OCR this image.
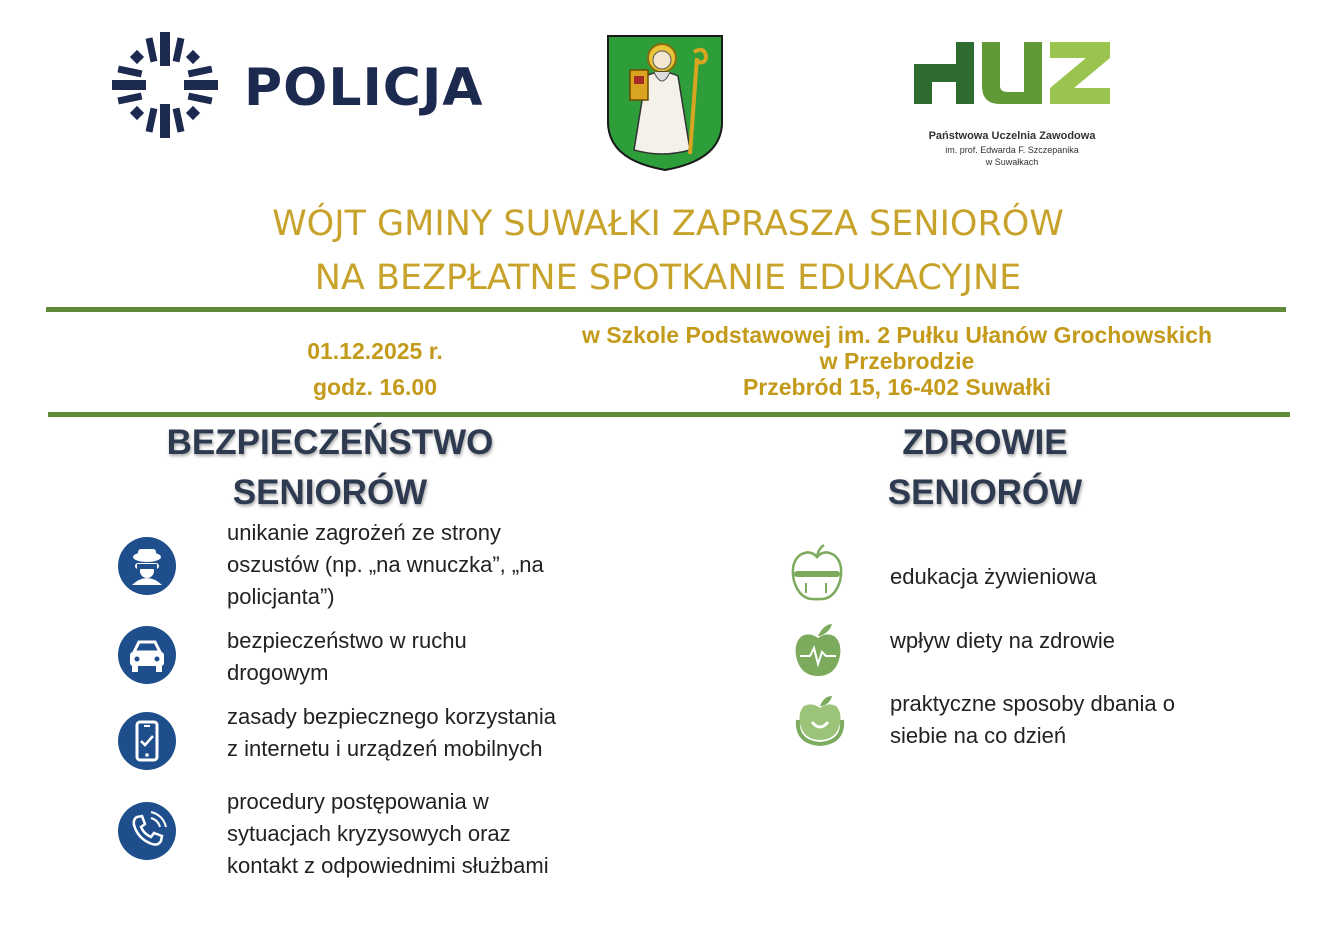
POLICJA
Państwowa Uczelnia Zawodowa
im. prof. Edwarda F. Szczepanika
w Suwałkach
WÓJT GMINY SUWAŁKI ZAPRASZA SENIORÓW
NA BEZPŁATNE SPOTKANIE EDUKACYJNE
01.12.2025 r.
godz. 16.00
w Szkole Podstawowej im. 2 Pułku Ułanów Grochowskich
w Przebrodzie
Przebród 15, 16-402 Suwałki
BEZPIECZEŃSTWO
SENIORÓW
unikanie zagrożeń ze strony
oszustów (np. „na wnuczka”, „na
policjanta”)
bezpieczeństwo w ruchu
drogowym
zasady bezpiecznego korzystania
z internetu i urządzeń mobilnych
procedury postępowania w
sytuacjach kryzysowych oraz
kontakt z odpowiednimi służbami
ZDROWIE
SENIORÓW
edukacja żywieniowa
wpływ diety na zdrowie
praktyczne sposoby dbania o
siebie na co dzień
